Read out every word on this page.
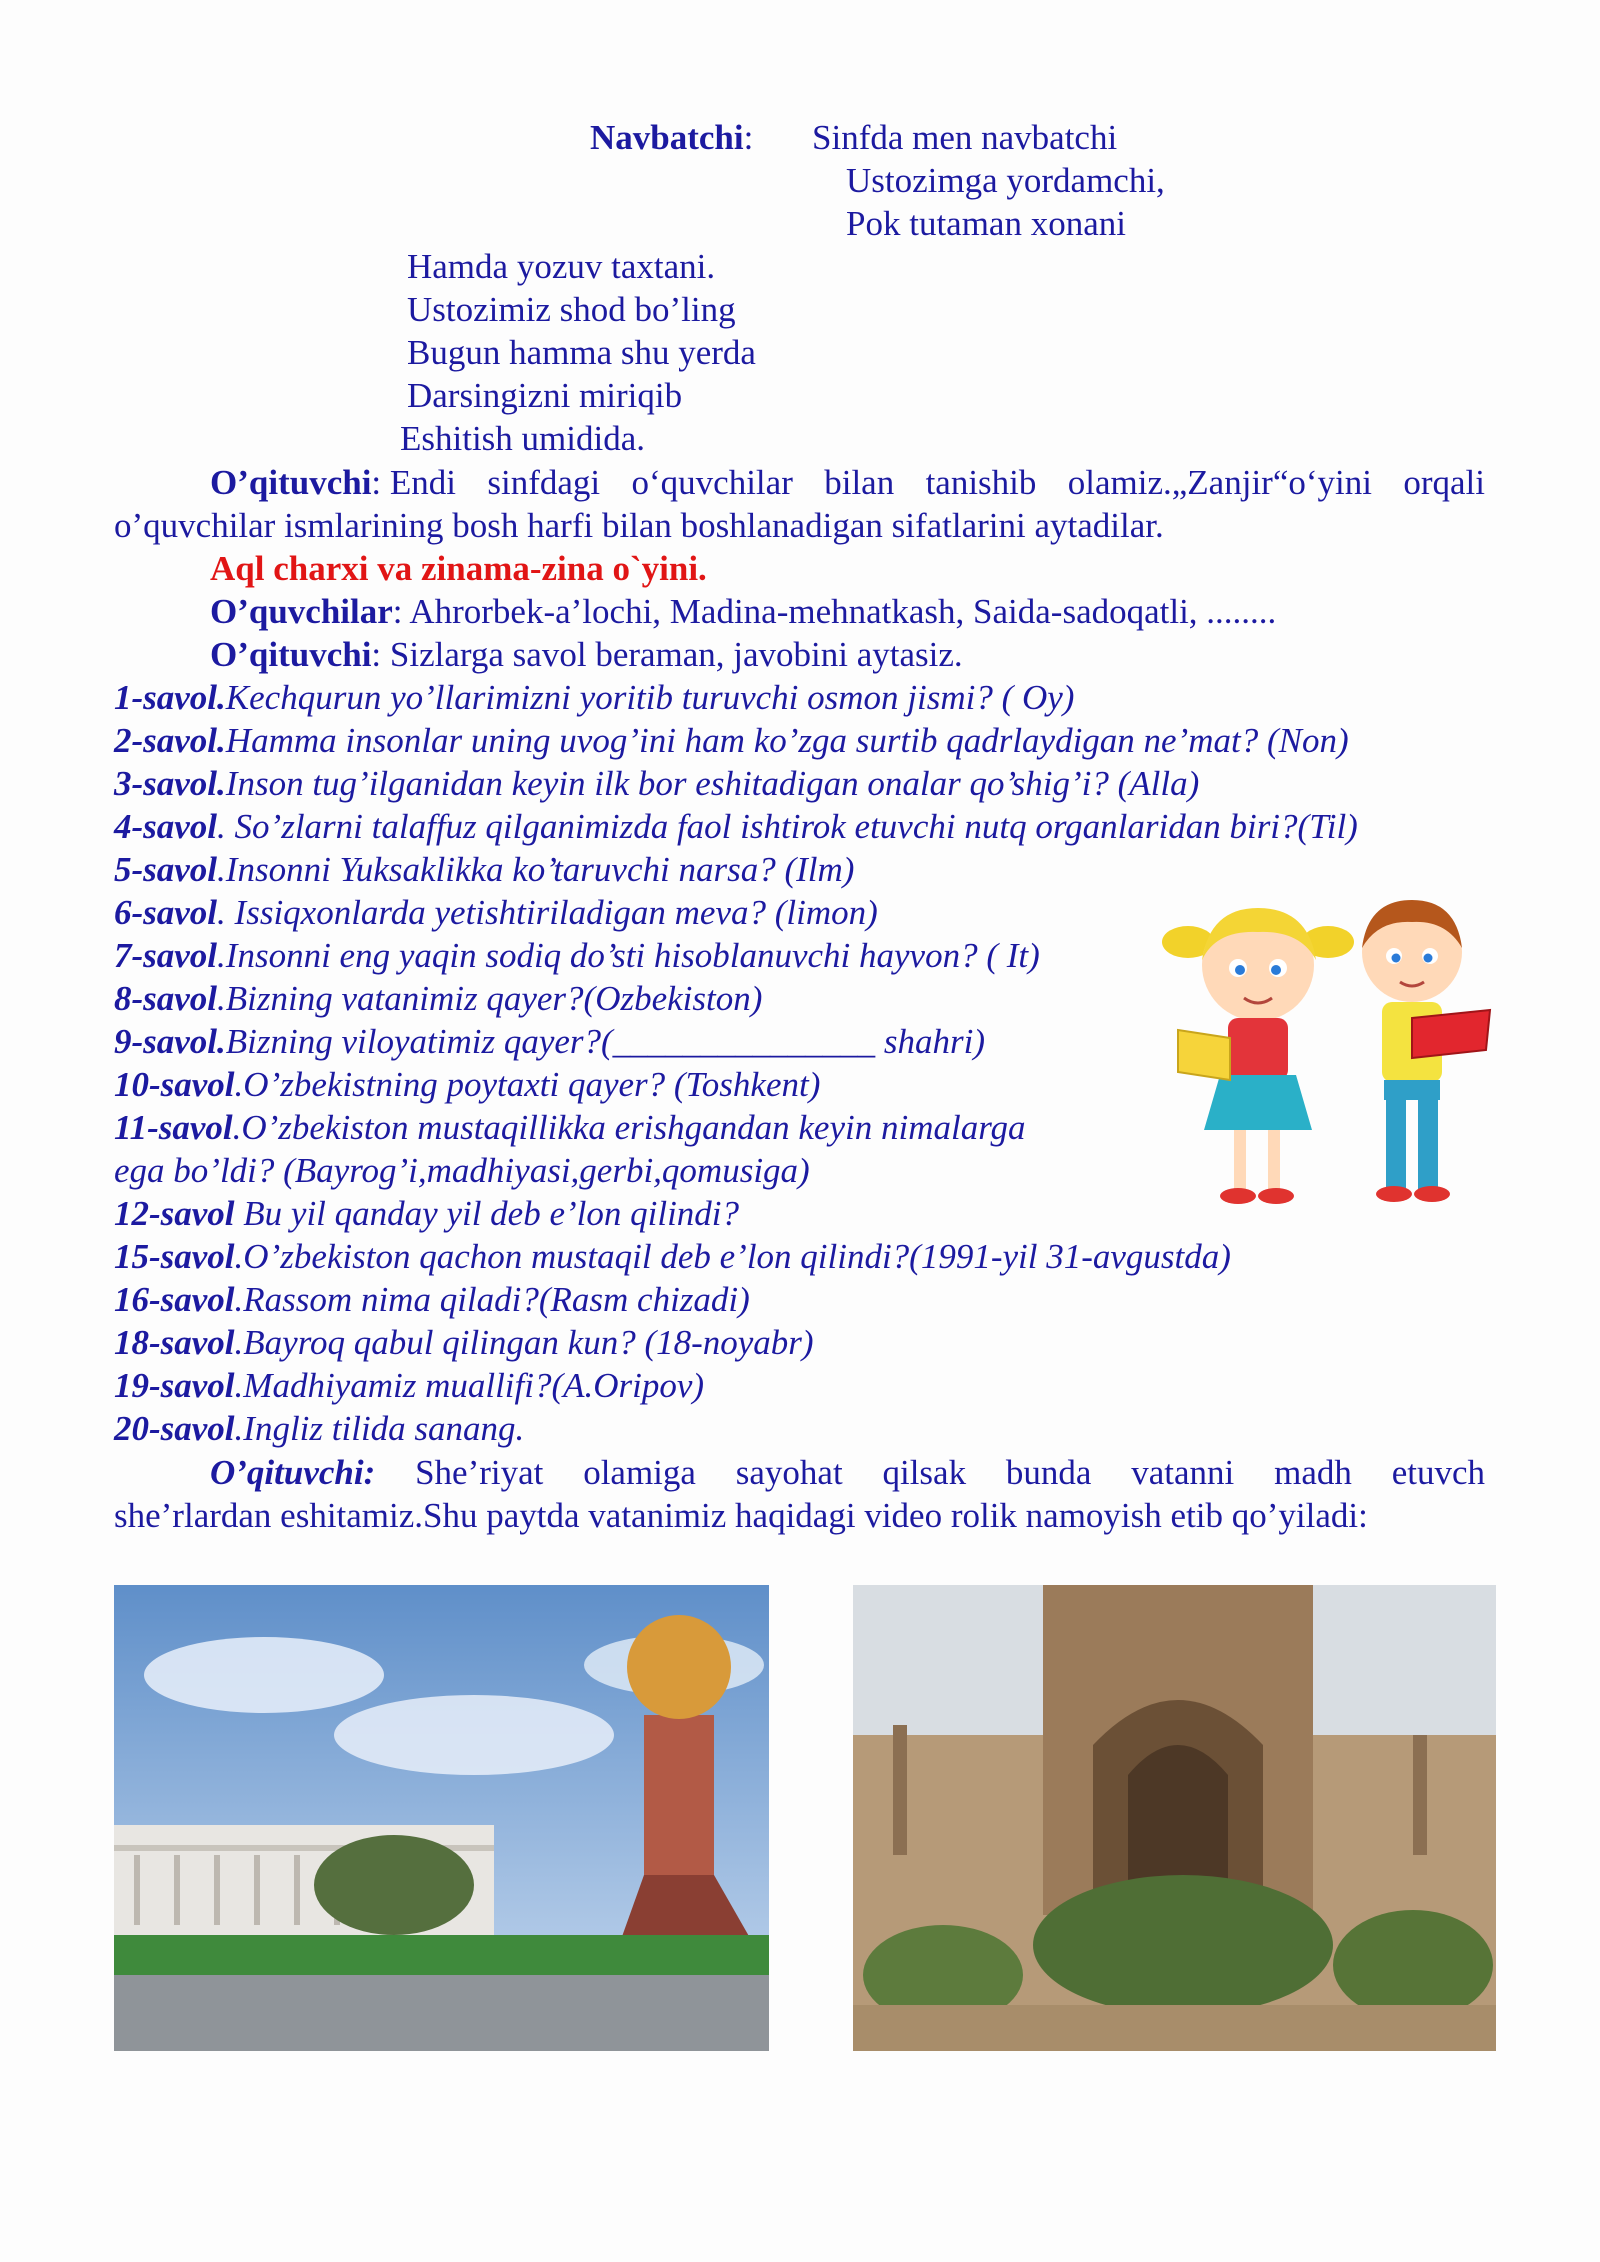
Navbatchi: Sinfda men navbatchi
Ustozimga yordamchi,
Pok tutaman xonani
Hamda yozuv taxtani.
Ustozimiz shod bo’ling
Bugun hamma shu yerda
Darsingizni miriqib
Eshitish umidida.
O’qituvchi: Endi sinfdagi o‘quvchilar bilan tanishib olamiz.„Zanjir“o‘yini orqali
o’quvchilar ismlarining bosh harfi bilan boshlanadigan sifatlarini aytadilar.
Aql charxi va zinama-zina o`yini.
O’quvchilar: Ahrorbek-a’lochi, Madina-mehnatkash, Saida-sadoqatli, ........
O’qituvchi: Sizlarga savol beraman, javobini aytasiz.
1-savol.Kechqurun yo’llarimizni yoritib turuvchi osmon jismi? ( Oy)
2-savol.Hamma insonlar uning uvog’ini ham ko’zga surtib qadrlaydigan ne’mat? (Non)
3-savol.Inson tug’ilganidan keyin ilk bor eshitadigan onalar qo’shig’i? (Alla)
4-savol. So’zlarni talaffuz qilganimizda faol ishtirok etuvchi nutq organlaridan biri?(Til)
5-savol.Insonni Yuksaklikka ko’taruvchi narsa? (Ilm)
6-savol. Issiqxonlarda yetishtiriladigan meva? (limon)
7-savol.Insonni eng yaqin sodiq do’sti hisoblanuvchi hayvon? ( It)
8-savol.Bizning vatanimiz qayer?(Ozbekiston)
9-savol.Bizning viloyatimiz qayer?(_______________ shahri)
10-savol.O’zbekistning poytaxti qayer? (Toshkent)
11-savol.O’zbekiston mustaqillikka erishgandan keyin nimalarga
ega bo’ldi? (Bayrog’i,madhiyasi,gerbi,qomusiga)
12-savol Bu yil qanday yil deb e’lon qilindi?
15-savol.O’zbekiston qachon mustaqil deb e’lon qilindi?(1991-yil 31-avgustda)
16-savol.Rassom nima qiladi?(Rasm chizadi)
18-savol.Bayroq qabul qilingan kun? (18-noyabr)
19-savol.Madhiyamiz muallifi?(A.Oripov)
20-savol.Ingliz tilida sanang.
O’qituvchi: She’riyat olamiga sayohat qilsak bunda vatanni madh etuvch
she’rlardan eshitamiz.Shu paytda vatanimiz haqidagi video rolik namoyish etib qo’yiladi:
